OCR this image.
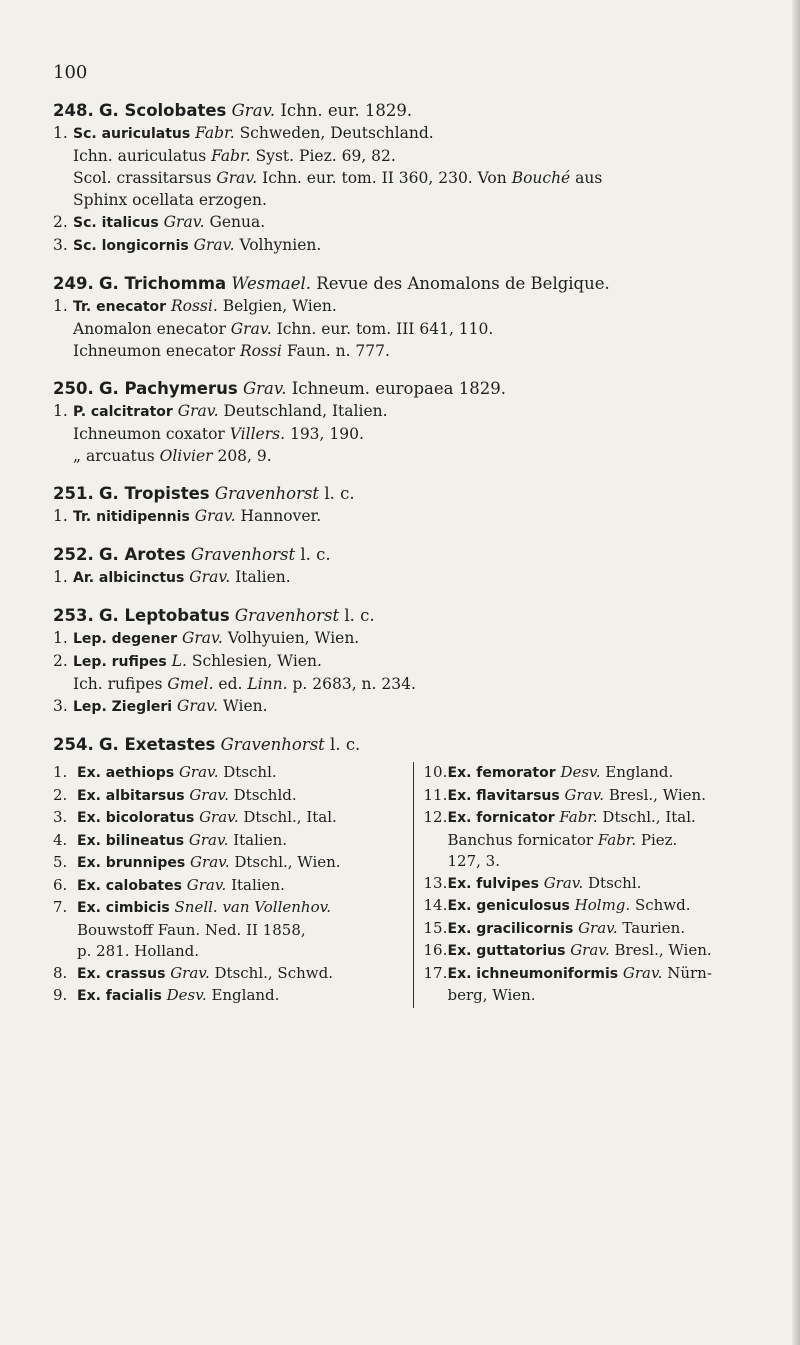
100
248. G. Scolobates Grav. Ichn. eur. 1829.
1. Sc. auriculatus Fabr. Schweden, Deutschland.
Ichn. auriculatus Fabr. Syst. Piez. 69, 82.
Scol. crassitarsus Grav. Ichn. eur. tom. II 360, 230. Von Bouché aus
Sphinx ocellata erzogen.
2. Sc. italicus Grav. Genua.
3. Sc. longicornis Grav. Volhynien.
249. G. Trichomma Wesmael. Revue des Anomalons de Belgique.
1. Tr. enecator Rossi. Belgien, Wien.
Anomalon enecator Grav. Ichn. eur. tom. III 641, 110.
Ichneumon enecator Rossi Faun. n. 777.
250. G. Pachymerus Grav. Ichneum. europaea 1829.
1. P. calcitrator Grav. Deutschland, Italien.
Ichneumon coxator Villers. 193, 190.
„ arcuatus Olivier 208, 9.
251. G. Tropistes Gravenhorst l. c.
1. Tr. nitidipennis Grav. Hannover.
252. G. Arotes Gravenhorst l. c.
1. Ar. albicinctus Grav. Italien.
253. G. Leptobatus Gravenhorst l. c.
1. Lep. degener Grav. Volhyuien, Wien.
2. Lep. rufipes L. Schlesien, Wien.
Ich. rufipes Gmel. ed. Linn. p. 2683, n. 234.
3. Lep. Ziegleri Grav. Wien.
254. G. Exetastes Gravenhorst l. c.
1. Ex. aethiops Grav. Dtschl.
2. Ex. albitarsus Grav. Dtschld.
3. Ex. bicoloratus Grav. Dtschl., Ital.
4. Ex. bilineatus Grav. Italien.
5. Ex. brunnipes Grav. Dtschl., Wien.
6. Ex. calobates Grav. Italien.
7. Ex. cimbicis Snell. van Vollenhov.
Bouwstoff Faun. Ned. II 1858,
p. 281. Holland.
8. Ex. crassus Grav. Dtschl., Schwd.
9. Ex. facialis Desv. England.
10. Ex. femorator Desv. England.
11. Ex. flavitarsus Grav. Bresl., Wien.
12. Ex. fornicator Fabr. Dtschl., Ital.
Banchus fornicator Fabr. Piez.
127, 3.
13. Ex. fulvipes Grav. Dtschl.
14. Ex. geniculosus Holmg. Schwd.
15. Ex. gracilicornis Grav. Taurien.
16. Ex. guttatorius Grav. Bresl., Wien.
17. Ex. ichneumoniformis Grav. Nürn-
berg, Wien.
